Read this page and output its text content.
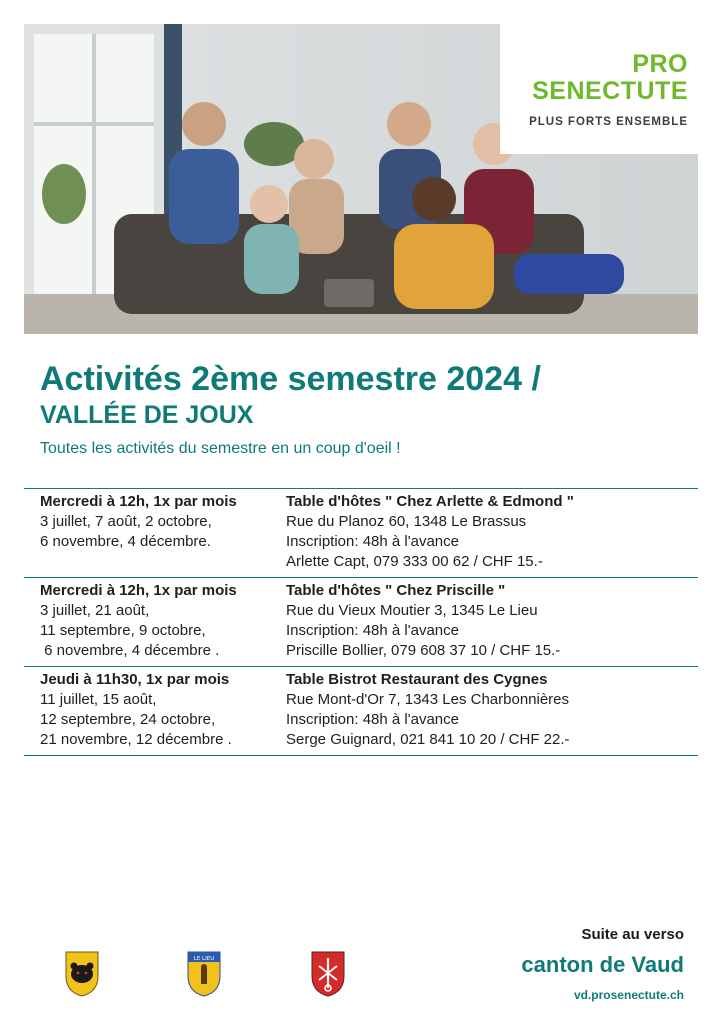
PRO
SENECTUTE
PLUS FORTS ENSEMBLE
Activités 2ème semestre 2024 /
VALLÉE DE JOUX

Toutes les activités du semestre en un coup d'oeil !

Mercredi à 12h, 1x par mois
3 juillet, 7 août, 2 octobre,
6 novembre, 4 décembre.
Table d'hôtes " Chez Arlette & Edmond "
Rue du Planoz 60, 1348 Le Brassus
Inscription: 48h à l'avance
Arlette Capt, 079 333 00 62 / CHF 15.-
Mercredi à 12h, 1x par mois
3 juillet, 21 août,
11 septembre, 9 octobre,
6 novembre, 4 décembre .
Table d'hôtes " Chez Priscille "
Rue du Vieux Moutier 3, 1345 Le Lieu
Inscription: 48h à l'avance
Priscille Bollier, 079 608 37 10 / CHF 15.-
Jeudi à 11h30, 1x par mois
11 juillet, 15 août,
12 septembre, 24 octobre,
21 novembre, 12 décembre .
Table Bistrot Restaurant des Cygnes
Rue Mont-d'Or 7, 1343 Les Charbonnières
Inscription: 48h à l'avance
Serge Guignard, 021 841 10 20 / CHF 22.-
LE LIEU
Suite au verso
canton de Vaud
vd.prosenectute.ch
